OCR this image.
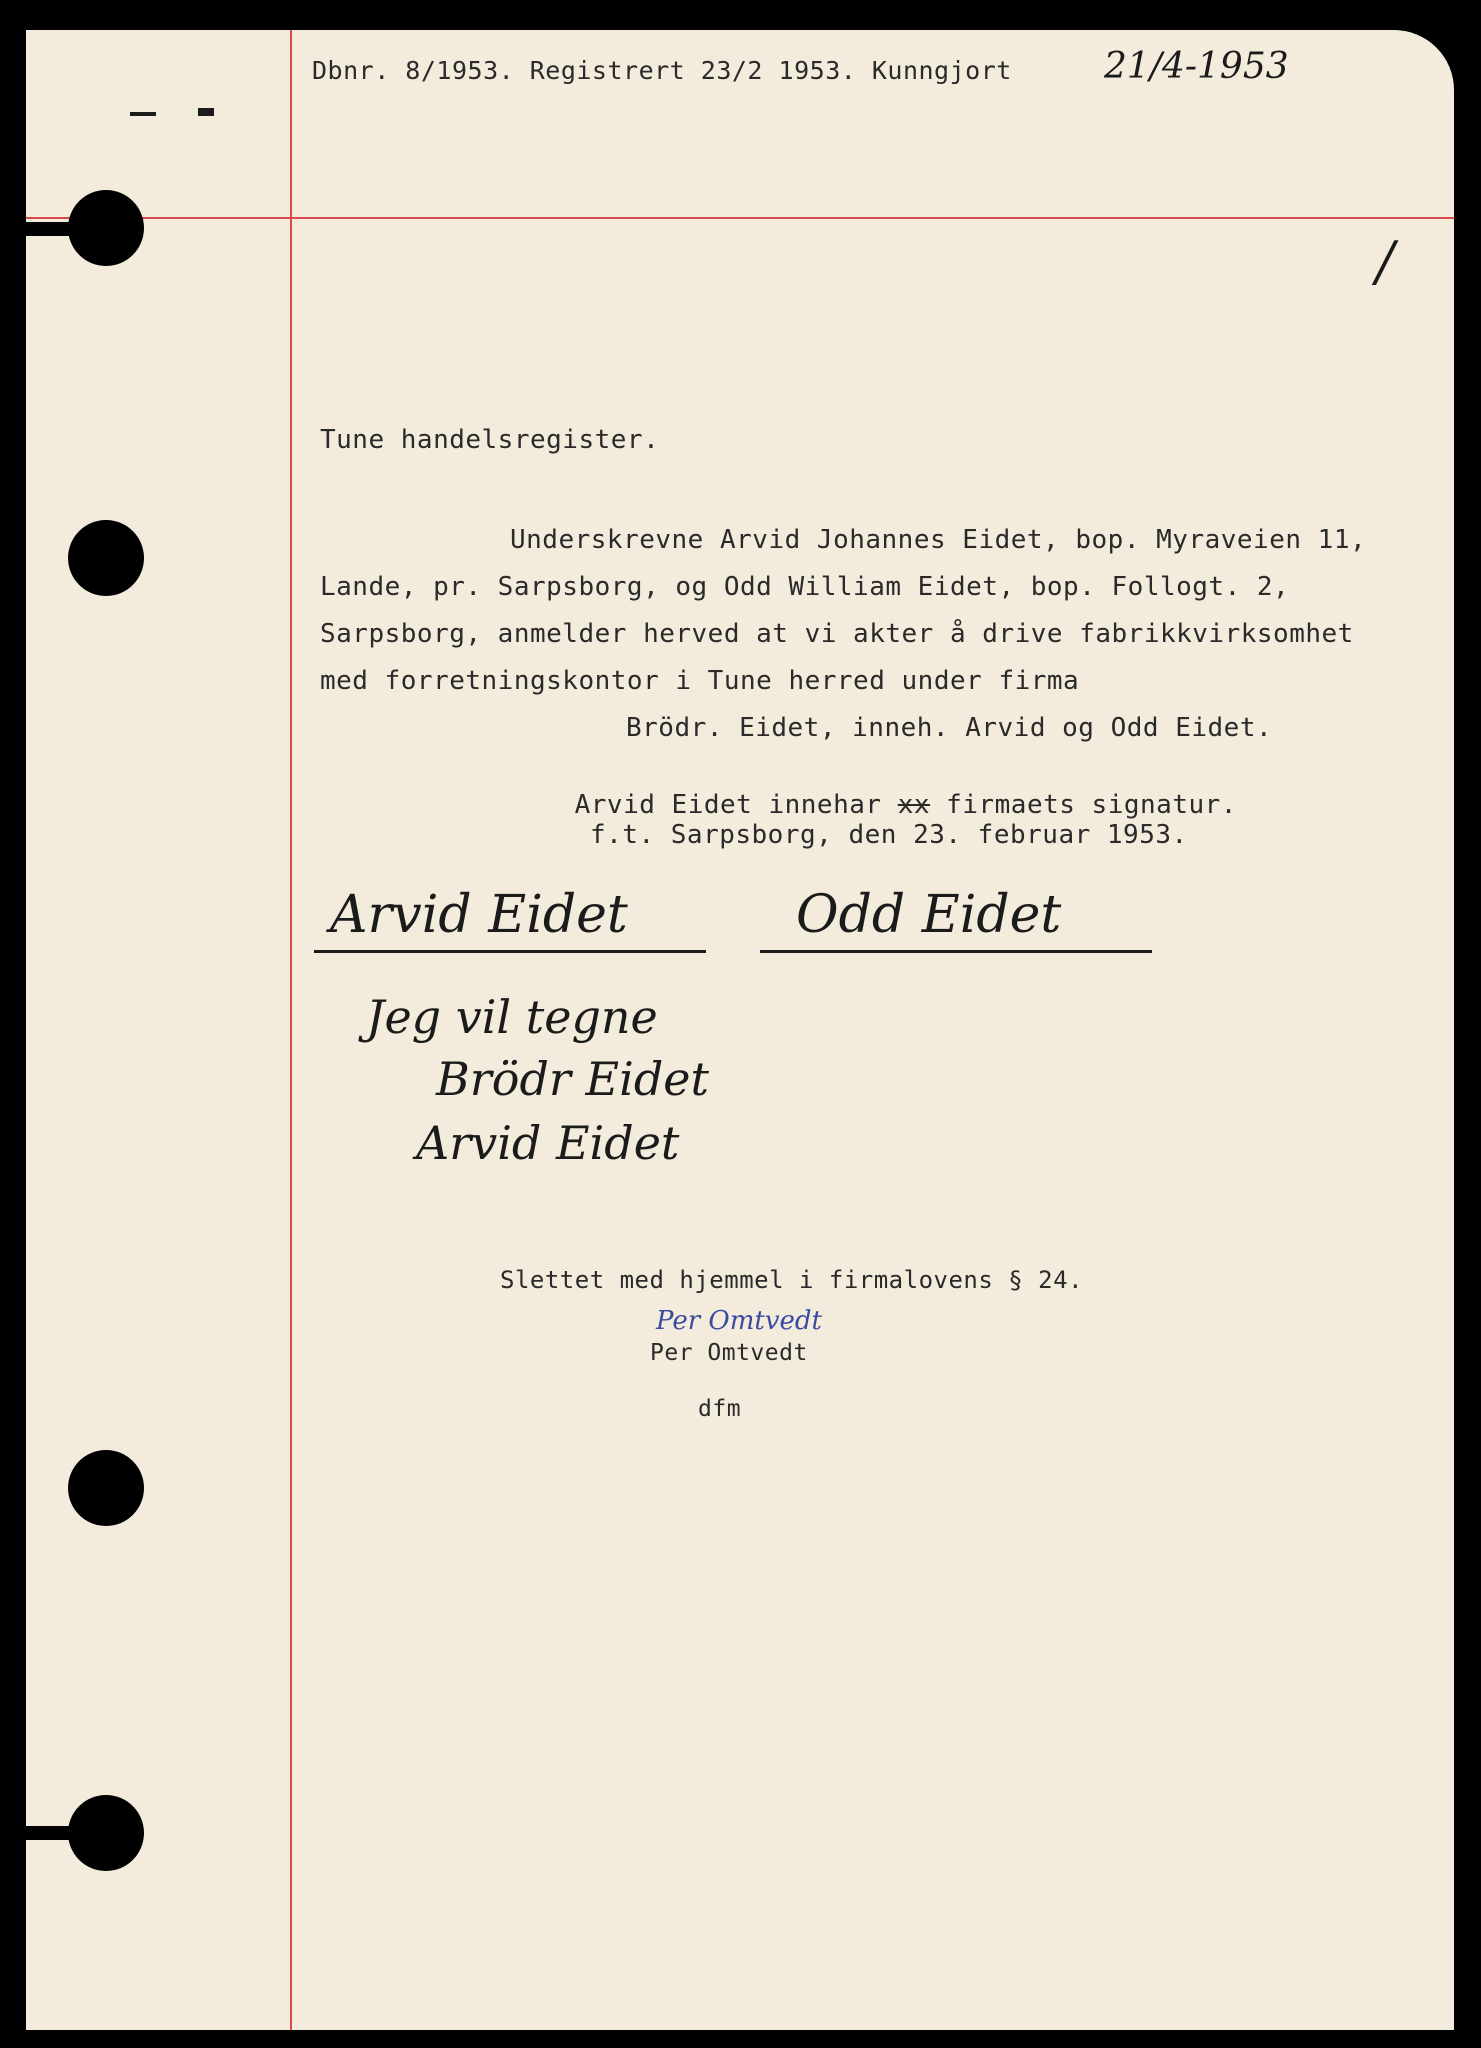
Dbnr. 8/1953. Registrert 23/2 1953. Kunngjort	21/4-1953
/
Tune handelsregister.
Underskrevne Arvid Johannes Eidet, bop. Myraveien 11,
Lande, pr. Sarpsborg, og Odd William Eidet, bop. Follogt. 2,
Sarpsborg, anmelder herved at vi akter å drive fabrikkvirksomhet
med forretningskontor i Tune herred under firma
Brödr. Eidet, inneh. Arvid og Odd Eidet.

Arvid Eidet innehar xx firmaets signatur.

f.t. Sarpsborg, den 23. februar 1953.
Arvid Eidet	Odd Eidet
Jeg vil tegne
Brödr Eidet
Arvid Eidet
Slettet med hjemmel i firmalovens § 24.
Per Omtvedt
Per Omtvedt
dfm
